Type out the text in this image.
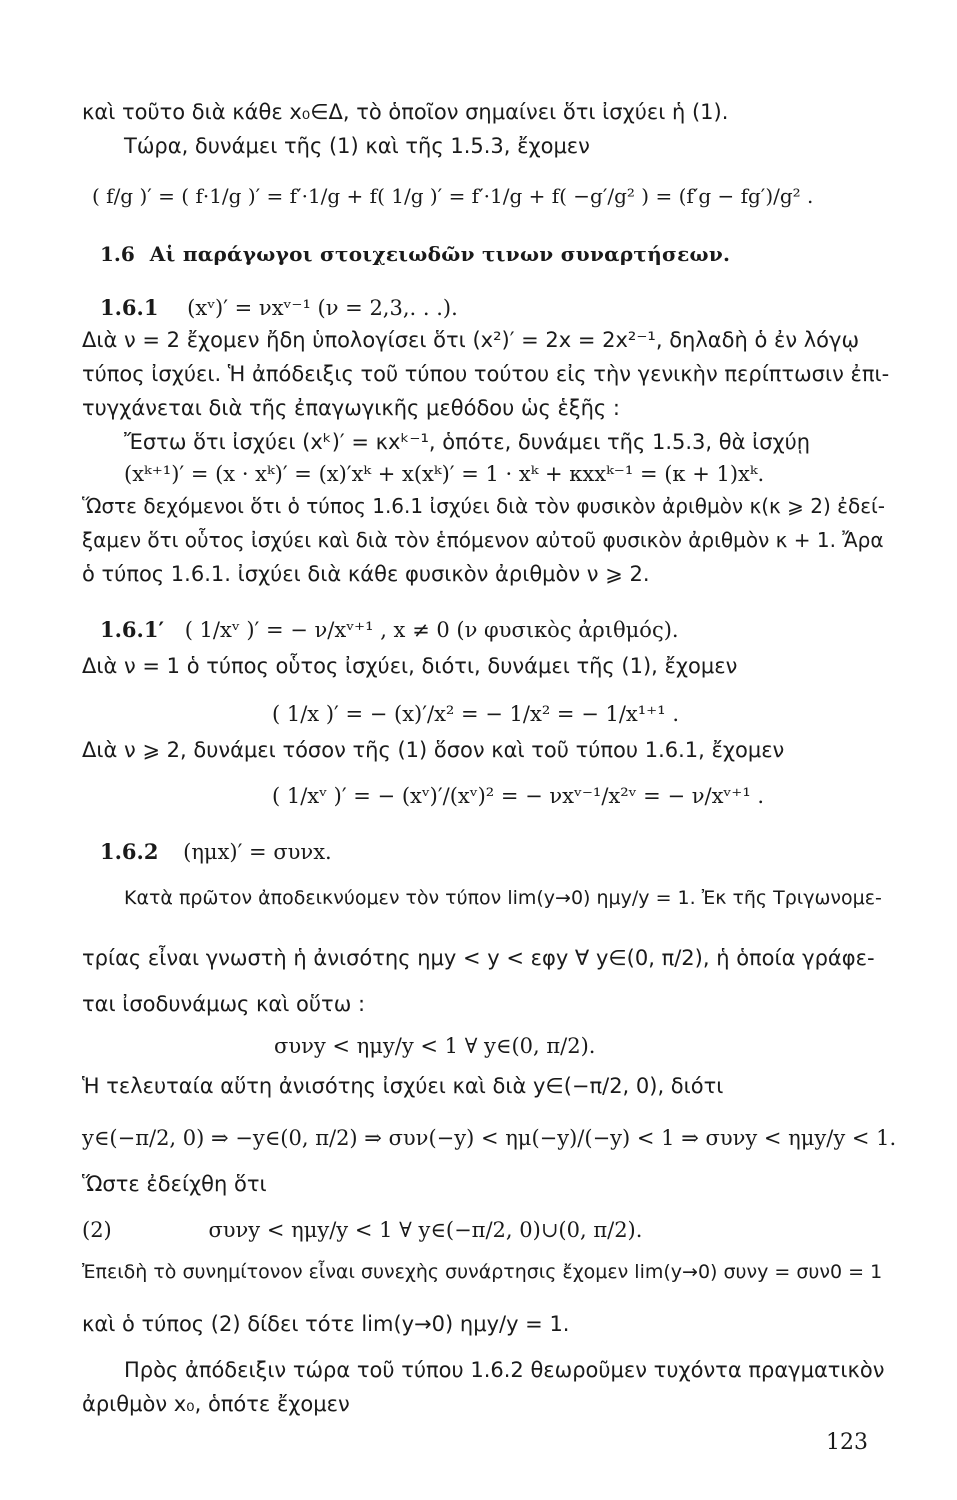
καὶ τοῦτο διὰ κάθε x₀∈Δ, τὸ ὁποῖον σημαίνει ὅτι ἰσχύει ἡ (1).
Τώρα, δυνάμει τῆς (1) καὶ τῆς 1.5.3, ἔχομεν
( f/g )′ = ( f·1/g )′ = f′·1/g + f( 1/g )′ = f′·1/g + f( −g′/g² ) = (f′g − fg′)/g² .
1.6 Αἱ παράγωγοι στοιχειωδῶν τινων συναρτήσεων.
1.6.1 (xᵛ)′ = νxᵛ⁻¹ (ν = 2,3,. . .).
Διὰ ν = 2 ἔχομεν ἤδη ὑπολογίσει ὅτι (x²)′ = 2x = 2x²⁻¹, δηλαδὴ ὁ ἐν λόγῳ
τύπος ἰσχύει. Ἡ ἀπόδειξις τοῦ τύπου τούτου εἰς τὴν γενικὴν περίπτωσιν ἐπι-
τυγχάνεται διὰ τῆς ἐπαγωγικῆς μεθόδου ὡς ἑξῆς :
Ἔστω ὅτι ἰσχύει (xᵏ)′ = κxᵏ⁻¹, ὁπότε, δυνάμει τῆς 1.5.3, θὰ ἰσχύῃ
(xᵏ⁺¹)′ = (x · xᵏ)′ = (x)′xᵏ + x(xᵏ)′ = 1 · xᵏ + κxxᵏ⁻¹ = (κ + 1)xᵏ.
Ὥστε δεχόμενοι ὅτι ὁ τύπος 1.6.1 ἰσχύει διὰ τὸν φυσικὸν ἀριθμὸν κ(κ ⩾ 2) ἐδεί-
ξαμεν ὅτι οὗτος ἰσχύει καὶ διὰ τὸν ἑπόμενον αὐτοῦ φυσικὸν ἀριθμὸν κ + 1. Ἄρα
ὁ τύπος 1.6.1. ἰσχύει διὰ κάθε φυσικὸν ἀριθμὸν ν ⩾ 2.
1.6.1′ ( 1/xᵛ )′ = − ν/xᵛ⁺¹ , x ≠ 0 (ν φυσικὸς ἀριθμός).
Διὰ ν = 1 ὁ τύπος οὗτος ἰσχύει, διότι, δυνάμει τῆς (1), ἔχομεν
( 1/x )′ = − (x)′/x² = − 1/x² = − 1/x¹⁺¹ .
Διὰ ν ⩾ 2, δυνάμει τόσον τῆς (1) ὅσον καὶ τοῦ τύπου 1.6.1, ἔχομεν
( 1/xᵛ )′ = − (xᵛ)′/(xᵛ)² = − νxᵛ⁻¹/x²ᵛ = − ν/xᵛ⁺¹ .
1.6.2 (ημx)′ = συνx.
Κατὰ πρῶτον ἀποδεικνύομεν τὸν τύπον lim(y→0) ημy/y = 1. Ἐκ τῆς Τριγωνομε-
τρίας εἶναι γνωστὴ ἡ ἀνισότης ημy < y < εφy ∀ y∈(0, π/2), ἡ ὁποία γράφε-
ται ἰσοδυνάμως καὶ οὕτω :
συνy < ημy/y < 1 ∀ y∈(0, π/2).
Ἡ τελευταία αὕτη ἀνισότης ἰσχύει καὶ διὰ y∈(−π/2, 0), διότι
y∈(−π/2, 0) ⇒ −y∈(0, π/2) ⇒ συν(−y) < ημ(−y)/(−y) < 1 ⇒ συνy < ημy/y < 1.
Ὥστε ἐδείχθη ὅτι
(2)	συνy < ημy/y < 1 ∀ y∈(−π/2, 0)∪(0, π/2).
Ἐπειδὴ τὸ συνημίτονον εἶναι συνεχὴς συνάρτησις ἔχομεν lim(y→0) συνy = συν0 = 1
καὶ ὁ τύπος (2) δίδει τότε lim(y→0) ημy/y = 1.
Πρὸς ἀπόδειξιν τώρα τοῦ τύπου 1.6.2 θεωροῦμεν τυχόντα πραγματικὸν
ἀριθμὸν x₀, ὁπότε ἔχομεν
123
